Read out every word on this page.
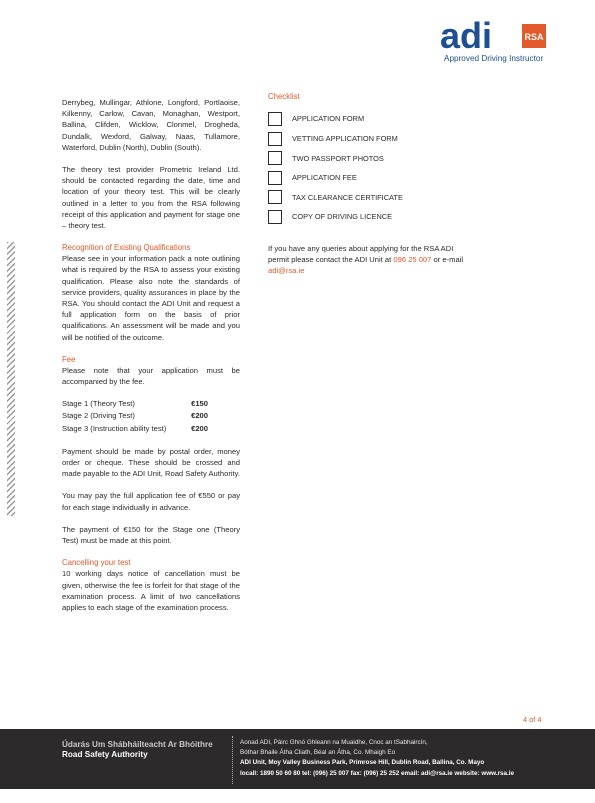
adi	RSA
Approved Driving Instructor

Derrybeg, Mullingar, Athlone, Longford, Portlaoise, Kilkenny, Carlow, Cavan, Monaghan, Westport, Ballina, Clifden, Wicklow, Clonmel, Drogheda, Dundalk, Wexford, Galway, Naas, Tullamore, Waterford, Dublin (North), Dublin (South).

The theory test provider Prometric Ireland Ltd. should be contacted regarding the date, time and location of your theory test. This will be clearly outlined in a letter to you from the RSA following receipt of this application and payment for stage one – theory test.

Recognition of Existing Qualifications

Please see in your information pack a note outlining what is required by the RSA to assess your existing qualification. Please also note the standards of service providers, quality assurances in place by the RSA. You should contact the ADI Unit and request a full application form on the basis of prior qualifications. An assessment will be made and you will be notified of the outcome.

Fee

Please note that your application must be accompanied by the fee.

Stage 1 (Theory Test)	€150
Stage 2 (Driving Test)	€200
Stage 3 (Instruction ability test)	€200

Payment should be made by postal order, money order or cheque. These should be crossed and made payable to the ADI Unit, Road Safety Authority.

You may pay the full application fee of €550 or pay for each stage individually in advance.

The payment of €150 for the Stage one (Theory Test) must be made at this point.

Cancelling your test

10 working days notice of cancellation must be given, otherwise the fee is forfeit for that stage of the examination process. A limit of two cancellations applies to each stage of the examination process.

Checklist
APPLICATION FORM
VETTING APPLICATION FORM
TWO PASSPORT PHOTOS
APPLICATION FEE
TAX CLEARANCE CERTIFICATE
COPY OF DRIVING LICENCE

If you have any queries about applying for the RSA ADI permit please contact the ADI Unit at 096 25 007 or e-mail adi@rsa.ie

4 of 4
Údarás Um Shábháilteacht Ar Bhóithre
Road Safety Authority
Aonad ADI, Páirc Ghnó Ghleann na Muaidhe, Cnoc an tSabhaircín,
Bóthar Bhaile Átha Cliath, Béal an Átha, Co. Mhaigh Eo
ADI Unit, Moy Valley Business Park, Primrose Hill, Dublin Road, Ballina, Co. Mayo
locall: 1890 50 60 80 tel: (096) 25 007 fax: (096) 25 252 email: adi@rsa.ie website: www.rsa.ie
